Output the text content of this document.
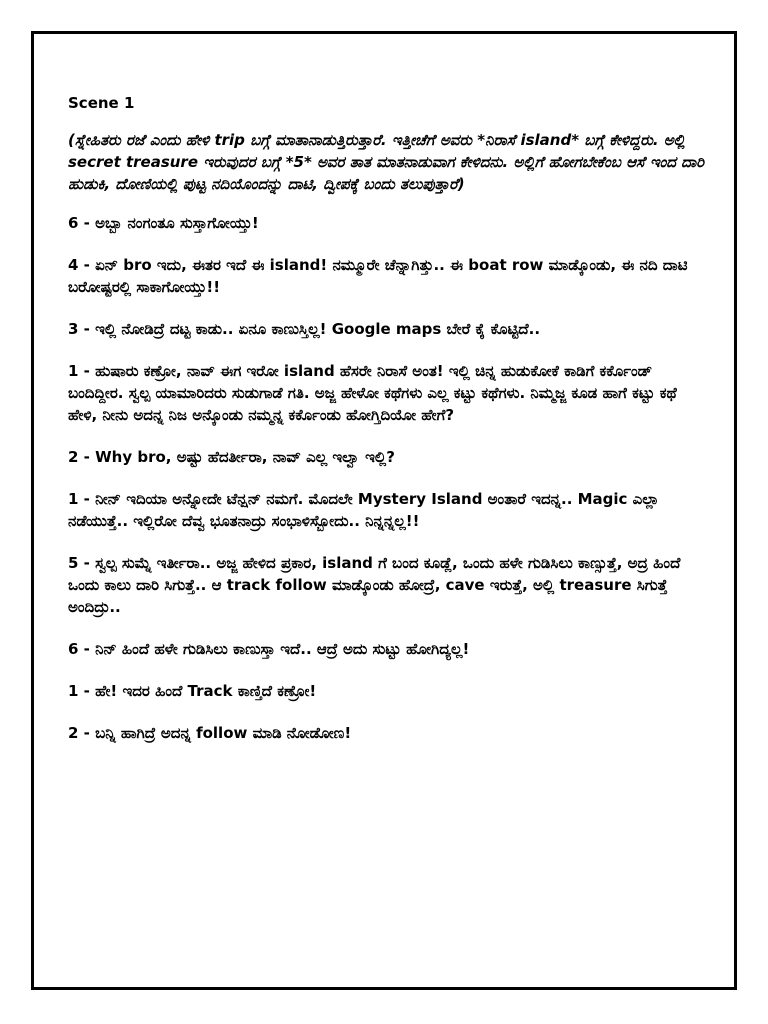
Scene 1
(ಸ್ನೇಹಿತರು ರಜೆ ಎಂದು ಹೇಳಿ trip ಬಗ್ಗೆ ಮಾತಾನಾಡುತ್ತಿರುತ್ತಾರೆ. ಇತ್ತೀಚೆಗೆ ಅವರು *ನಿರಾಸೆ island* ಬಗ್ಗೆ ಕೇಳಿದ್ದರು. ಅಲ್ಲಿ secret treasure ಇರುವುದರ ಬಗ್ಗೆ *5* ಅವರ ತಾತ ಮಾತನಾಡುವಾಗ ಕೇಳಿದನು. ಅಲ್ಲಿಗೆ ಹೋಗಬೇಕೆಂಬ ಆಸೆ ಇಂದ ದಾರಿ ಹುಡುಕಿ, ದೋಣಿಯಲ್ಲಿ ಪುಟ್ಟ ನದಿಯೊಂದನ್ನು ದಾಟಿ, ದ್ವೀಪಕ್ಕೆ ಬಂದು ತಲುಪುತ್ತಾರೆ)
6 - ಅಬ್ಬಾ ನಂಗಂತೂ ಸುಸ್ತಾಗೋಯ್ತು!
4 - ಏನ್ bro ಇದು, ಈತರ ಇದೆ ಈ island! ನಮ್ಮೂರೇ ಚೆನ್ನಾಗಿತ್ತು.. ಈ boat row ಮಾಡ್ಕೊಂಡು, ಈ ನದಿ ದಾಟಿ ಬರೋಷ್ಟರಲ್ಲಿ ಸಾಕಾಗೋಯ್ತು!!
3 - ಇಲ್ಲಿ ನೋಡಿದ್ರೆ ದಟ್ಟ ಕಾಡು.. ಏನೂ ಕಾಣುಸ್ತಿಲ್ಲ! Google maps ಬೇರೆ ಕೈ ಕೊಟ್ಟಿದೆ..
1 - ಹುಷಾರು ಕಣ್ರೋ, ನಾವ್ ಈಗ ಇರೋ island ಹೆಸರೇ ನಿರಾಸೆ ಅಂತ! ಇಲ್ಲಿ ಚಿನ್ನ ಹುಡುಕೋಕೆ ಕಾಡಿಗೆ ಕರ್ಕೊಂಡ್ ಬಂದಿದ್ದೀರ. ಸ್ವಲ್ಪ ಯಾಮಾರಿದರು ಸುಡುಗಾಡೆ ಗತಿ. ಅಜ್ಜ ಹೇಳೋ ಕಥೆಗಳು ಎಲ್ಲ ಕಟ್ಟು ಕಥೆಗಳು. ನಿಮ್ಮಜ್ಜ ಕೂಡ ಹಾಗೆ ಕಟ್ಟು ಕಥೆ ಹೇಳಿ, ನೀನು ಅದನ್ನ ನಿಜ ಅನ್ಕೊಂಡು ನಮ್ಮನ್ನ ಕರ್ಕೊಂಡು ಹೋಗ್ತಿದಿಯೋ ಹೇಗೆ?
2 - Why bro, ಅಷ್ಟು ಹೆದರ್ತೀರಾ, ನಾವ್ ಎಲ್ಲ ಇಲ್ವಾ ಇಲ್ಲಿ?
1 - ನೀನ್ ಇದಿಯಾ ಅನ್ನೋದೇ ಟೆನ್ಷನ್ ನಮಗೆ. ಮೊದಲೇ Mystery Island ಅಂತಾರೆ ಇದನ್ನ.. Magic ಎಲ್ಲಾ ನಡೆಯುತ್ತೆ.. ಇಲ್ಲಿರೋ ದೆವ್ವ ಭೂತನಾದ್ರು ಸಂಭಾಳಿಸ್ಬೋದು.. ನಿನ್ನನ್ನಲ್ಲ!!
5 - ಸ್ವಲ್ಪ ಸುಮ್ನೆ ಇರ್ತೀರಾ.. ಅಜ್ಜ ಹೇಳಿದ ಪ್ರಕಾರ, island ಗೆ ಬಂದ ಕೂಡ್ಲೆ, ಒಂದು ಹಳೇ ಗುಡಿಸಿಲು ಕಾಣ್ಸುತ್ತೆ, ಅದ್ರ ಹಿಂದೆ ಒಂದು ಕಾಲು ದಾರಿ ಸಿಗುತ್ತೆ.. ಆ track follow ಮಾಡ್ಕೊಂಡು ಹೋದ್ರೆ, cave ಇರುತ್ತೆ, ಅಲ್ಲಿ treasure ಸಿಗುತ್ತೆ ಅಂದಿದ್ರು..
6 - ನಿನ್ ಹಿಂದೆ ಹಳೇ ಗುಡಿಸಿಲು ಕಾಣುಸ್ತಾ ಇದೆ.. ಆದ್ರೆ ಅದು ಸುಟ್ಟು ಹೋಗಿದ್ಯಲ್ಲ!
1 - ಹೇ! ಇದರ ಹಿಂದೆ Track ಕಾಣ್ತಿದೆ ಕಣ್ರೋ!
2 - ಬನ್ನಿ ಹಾಗಿದ್ರೆ ಅದನ್ನ follow ಮಾಡಿ ನೋಡೋಣ!
